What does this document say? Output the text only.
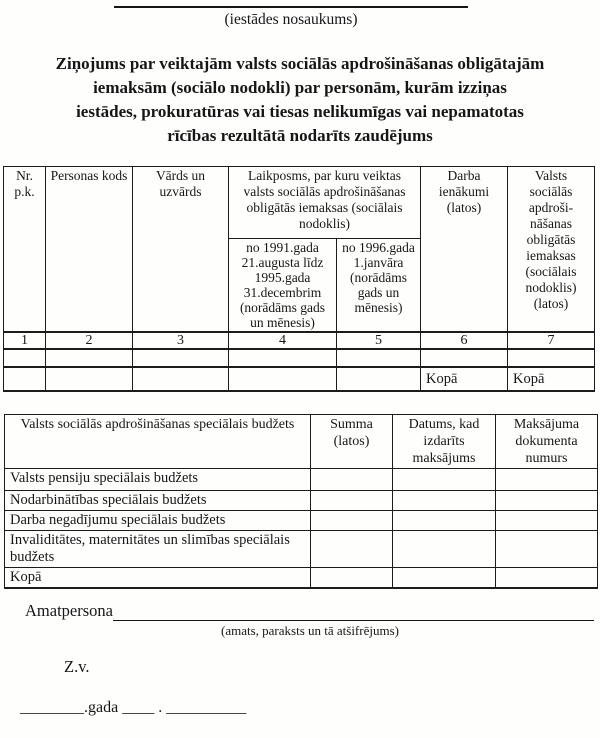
(iestādes nosaukums)
Ziņojums par veiktajām valsts sociālās apdrošināšanas obligātajām
iemaksām (sociālo nodokli) par personām, kurām izziņas
iestādes, prokuratūras vai tiesas nelikumīgas vai nepamatotas
rīcības rezultātā nodarīts zaudējums
Nr. p.k.	Personas kods	Vārds un uzvārds	Laikposms, par kuru veiktas valsts sociālās apdrošināšanas obligātās iemaksas (sociālais nodoklis)		Darba ienākumi (latos)	Valsts sociālās apdroši-nāšanas obligātās iemaksas (sociālais nodoklis) (latos)
			no 1991.gada 21.augusta līdz 1995.gada 31.decembrim (norādāms gads un mēnesis)	no 1996.gada 1.janvāra (norādāms gads un mēnesis)		
1	2	3	4	5	6	7

					Kopā	Kopā
Valsts sociālās apdrošināšanas speciālais budžets	Summa (latos)	Datums, kad izdarīts maksājums	Maksājuma dokumenta numurs
Valsts pensiju speciālais budžets			
Nodarbinātības speciālais budžets			
Darba negadījumu speciālais budžets			
Invaliditātes, maternitātes un slimības speciālais budžets			
Kopā			
Amatpersona
(amats, paraksts un tā atšifrējums)
Z.v.
________.gada ____ . __________
